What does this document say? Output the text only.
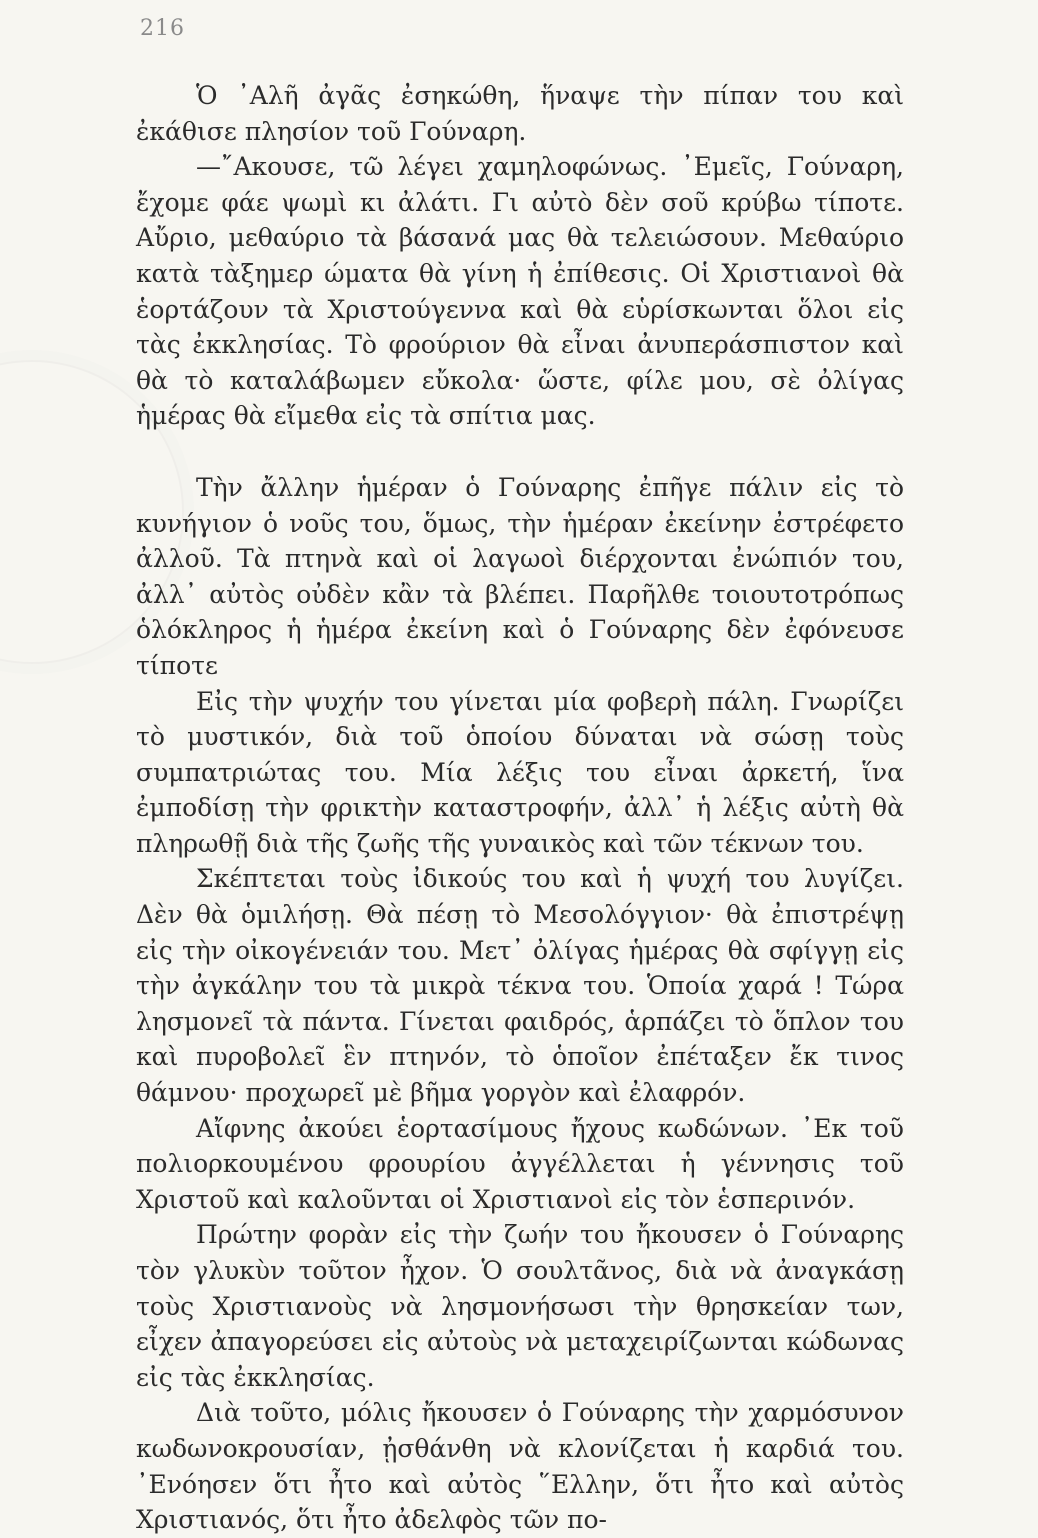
216

Ὁ ᾿Αλῆ ἀγᾶς ἐσηκώθη, ἥναψε τὴν πίπαν του καὶ ἐκάθισε πλησίον τοῦ Γούναρη.

—῎Ακουσε, τῶ λέγει χαμηλοφώνως. ᾿Εμεῖς, Γούναρη, ἔχομε φάε ψωμὶ κι ἀλάτι. Γι αὐτὸ δὲν σοῦ κρύβω τίποτε. Αὔριο, μεθαύριο τὰ βάσανά μας θὰ τελειώσουν. Μεθαύριο κατὰ τὰξημερ ώματα θὰ γίνη ἡ ἐπίθεσις. Οἱ Χριστιανοὶ θὰ ἑορτάζουν τὰ Χριστούγεννα καὶ θὰ εὑρίσκωνται ὅλοι εἰς τὰς ἐκκλησίας. Τὸ φρούριον θὰ εἶναι ἀνυπεράσπιστον καὶ θὰ τὸ καταλάβωμεν εὔκολα· ὥστε, φίλε μου, σὲ ὀλίγας ἡμέρας θὰ εἴμεθα εἰς τὰ σπίτια μας.

Τὴν ἄλλην ἡμέραν ὁ Γούναρης ἐπῆγε πάλιν εἰς τὸ κυνήγιον ὁ νοῦς του, ὅμως, τὴν ἡμέραν ἐκείνην ἐστρέφετο ἀλλοῦ. Τὰ πτηνὰ καὶ οἱ λαγωοὶ διέρχονται ἐνώπιόν του, ἀλλ᾿ αὐτὸς οὐδὲν κἂν τὰ βλέπει. Παρῆλθε τοιουτοτρόπως ὁλόκληρος ἡ ἡμέρα ἐκείνη καὶ ὁ Γούναρης δὲν ἐφόνευσε τίποτε

Εἰς τὴν ψυχήν του γίνεται μία φοβερὴ πάλη. Γνωρίζει τὸ μυστικόν, διὰ τοῦ ὁποίου δύναται νὰ σώσῃ τοὺς συμπατριώτας του. Μία λέξις του εἶναι ἀρκετή, ἵνα ἐμποδίσῃ τὴν φρικτὴν καταστροφήν, ἀλλ᾿ ἡ λέξις αὐτὴ θὰ πληρωθῇ διὰ τῆς ζωῆς τῆς γυναικὸς καὶ τῶν τέκνων του.

Σκέπτεται τοὺς ἰδικούς του καὶ ἡ ψυχή του λυγίζει. Δὲν θὰ ὁμιλήσῃ. Θὰ πέσῃ τὸ Μεσολόγγιον· θὰ ἐπιστρέψῃ εἰς τὴν οἰκογένειάν του. Μετ᾿ ὀλίγας ἡμέρας θὰ σφίγγῃ εἰς τὴν ἀγκάλην του τὰ μικρὰ τέκνα του. Ὁποία χαρά ! Τώρα λησμονεῖ τὰ πάντα. Γίνεται φαιδρός, ἁρπάζει τὸ ὅπλον του καὶ πυροβολεῖ ἓν πτηνόν, τὸ ὁποῖον ἐπέταξεν ἔκ τινος θάμνου· προχωρεῖ μὲ βῆμα γοργὸν καὶ ἐλαφρόν.

Αἴφνης ἀκούει ἑορτασίμους ἤχους κωδώνων. ᾿Εκ τοῦ πολιορκουμένου φρουρίου ἀγγέλλεται ἡ γέννησις τοῦ Χριστοῦ καὶ καλοῦνται οἱ Χριστιανοὶ εἰς τὸν ἑσπερινόν.

Πρώτην φορὰν εἰς τὴν ζωήν του ἤκουσεν ὁ Γούναρης τὸν γλυκὺν τοῦτον ἦχον. Ὁ σουλτᾶνος, διὰ νὰ ἀναγκάσῃ τοὺς Χριστιανοὺς νὰ λησμονήσωσι τὴν θρησκείαν των, εἶχεν ἀπαγορεύσει εἰς αὐτοὺς νὰ μεταχειρίζωνται κώδωνας εἰς τὰς ἐκκλησίας.

Διὰ τοῦτο, μόλις ἤκουσεν ὁ Γούναρης τὴν χαρμόσυνον κωδωνοκρουσίαν, ᾐσθάνθη νὰ κλονίζεται ἡ καρδιά του. ᾿Ενόησεν ὅτι ἦτο καὶ αὐτὸς ῞Ελλην, ὅτι ἦτο καὶ αὐτὸς Χριστιανός, ὅτι ἦτο ἀδελφὸς τῶν πο-
